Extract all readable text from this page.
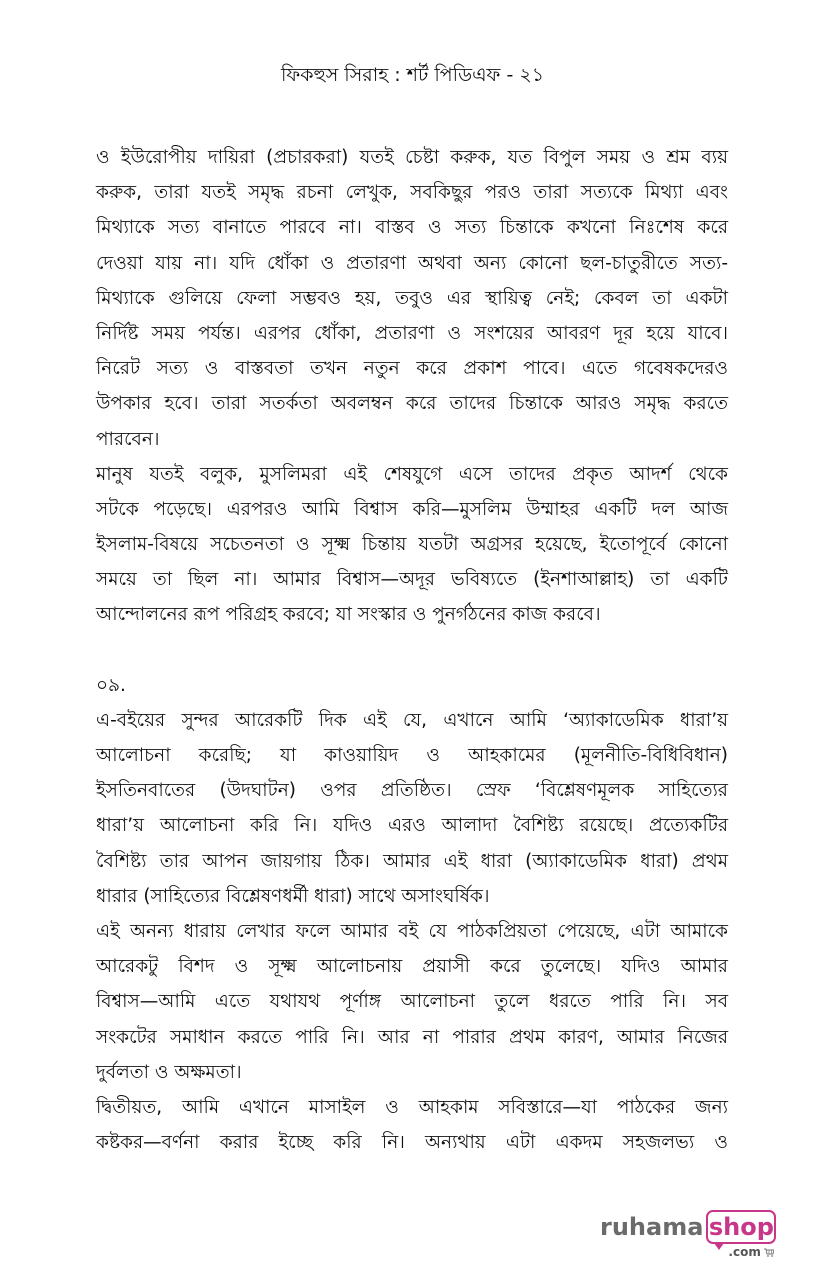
ফিকহুস সিরাহ : শর্ট পিডিএফ - ২১
ও ইউরোপীয় দায়িরা (প্রচারকরা) যতই চেষ্টা করুক, যত বিপুল সময় ও শ্রম ব্যয়
করুক, তারা যতই সমৃদ্ধ রচনা লেখুক, সবকিছুর পরও তারা সত্যকে মিথ্যা এবং
মিথ্যাকে সত্য বানাতে পারবে না। বাস্তব ও সত্য চিন্তাকে কখনো নিঃশেষ করে
দেওয়া যায় না। যদি ধোঁকা ও প্রতারণা অথবা অন্য কোনো ছল-চাতুরীতে সত্য-
মিথ্যাকে গুলিয়ে ফেলা সম্ভবও হয়, তবুও এর স্থায়িত্ব নেই; কেবল তা একটা
নির্দিষ্ট সময় পর্যন্ত। এরপর ধোঁকা, প্রতারণা ও সংশয়ের আবরণ দূর হয়ে যাবে।
নিরেট সত্য ও বাস্তবতা তখন নতুন করে প্রকাশ পাবে। এতে গবেষকদেরও
উপকার হবে। তারা সতর্কতা অবলম্বন করে তাদের চিন্তাকে আরও সমৃদ্ধ করতে
পারবেন।
মানুষ যতই বলুক, মুসলিমরা এই শেষযুগে এসে তাদের প্রকৃত আদর্শ থেকে
সটকে পড়েছে। এরপরও আমি বিশ্বাস করি—মুসলিম উম্মাহর একটি দল আজ
ইসলাম-বিষয়ে সচেতনতা ও সূক্ষ্ম চিন্তায় যতটা অগ্রসর হয়েছে, ইতোপূর্বে কোনো
সময়ে তা ছিল না। আমার বিশ্বাস—অদূর ভবিষ্যতে (ইনশাআল্লাহ) তা একটি
আন্দোলনের রূপ পরিগ্রহ করবে; যা সংস্কার ও পুনর্গঠনের কাজ করবে।
০৯.
এ-বইয়ের সুন্দর আরেকটি দিক এই যে, এখানে আমি ‘অ্যাকাডেমিক ধারা’য়
আলোচনা করেছি; যা কাওয়ায়িদ ও আহকামের (মূলনীতি-বিধিবিধান)
ইসতিনবাতের (উদঘাটন) ওপর প্রতিষ্ঠিত। স্রেফ ‘বিশ্লেষণমূলক সাহিত্যের
ধারা’য় আলোচনা করি নি। যদিও এরও আলাদা বৈশিষ্ট্য রয়েছে। প্রত্যেকটির
বৈশিষ্ট্য তার আপন জায়গায় ঠিক। আমার এই ধারা (অ্যাকাডেমিক ধারা) প্রথম
ধারার (সাহিত্যের বিশ্লেষণধর্মী ধারা) সাথে অসাংঘর্ষিক।
এই অনন্য ধারায় লেখার ফলে আমার বই যে পাঠকপ্রিয়তা পেয়েছে, এটা আমাকে
আরেকটু বিশদ ও সূক্ষ্ম আলোচনায় প্রয়াসী করে তুলেছে। যদিও আমার
বিশ্বাস—আমি এতে যথাযথ পূর্ণাঙ্গ আলোচনা তুলে ধরতে পারি নি। সব
সংকটের সমাধান করতে পারি নি। আর না পারার প্রথম কারণ, আমার নিজের
দুর্বলতা ও অক্ষমতা।
দ্বিতীয়ত, আমি এখানে মাসাইল ও আহকাম সবিস্তারে—যা পাঠকের জন্য
কষ্টকর—বর্ণনা করার ইচ্ছে করি নি। অন্যথায় এটা একদম সহজলভ্য ও
ruhama shop
.com
